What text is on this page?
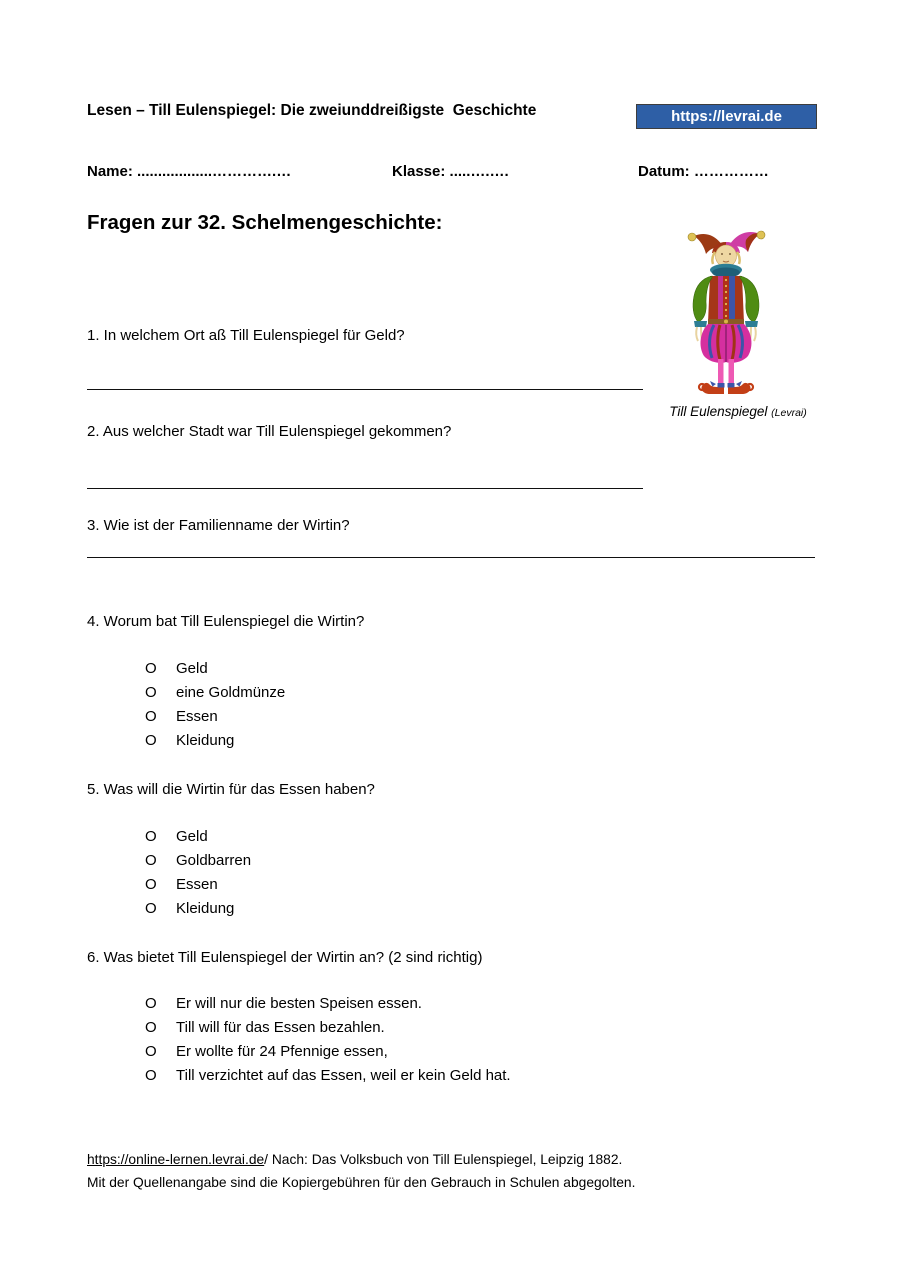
Lesen – Till Eulenspiegel: Die zweiunddreißigste  Geschichte	https://levrai.de
Name: ..................………….…	Klasse: .....….….	Datum: ……………
Fragen zur 32. Schelmengeschichte:
Till Eulenspiegel (Levrai)
1. In welchem Ort aß Till Eulenspiegel für Geld?
2. Aus welcher Stadt war Till Eulenspiegel gekommen?
3. Wie ist der Familienname der Wirtin?
4. Worum bat Till Eulenspiegel die Wirtin?
O	Geld
O	eine Goldmünze
O	Essen
O	Kleidung
5. Was will die Wirtin für das Essen haben?
O	Geld
O	Goldbarren
O	Essen
O	Kleidung
6. Was bietet Till Eulenspiegel der Wirtin an? (2 sind richtig)
O	Er will nur die besten Speisen essen.
O	Till will für das Essen bezahlen.
O	Er wollte für 24 Pfennige essen,
O	Till verzichtet auf das Essen, weil er kein Geld hat.
https://online-lernen.levrai.de/ Nach: Das Volksbuch von Till Eulenspiegel, Leipzig 1882.
Mit der Quellenangabe sind die Kopiergebühren für den Gebrauch in Schulen abgegolten.
